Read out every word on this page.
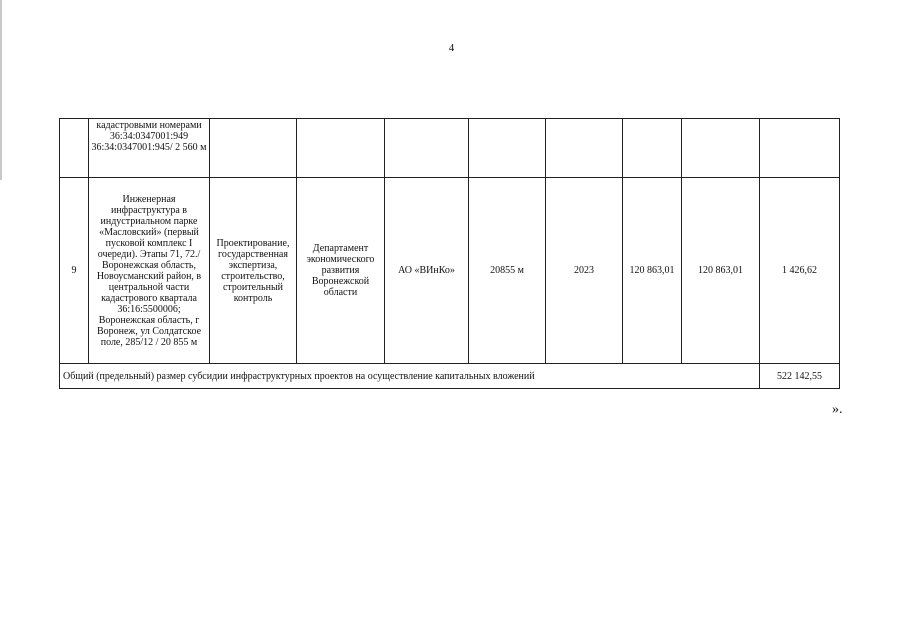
4
	кадастровыми номерами 36:34:0347001:949 36:34:0347001:945/ 2 560 м								
9	Инженерная инфраструктура в индустриальном парке «Масловский» (первый пусковой комплекс I очереди). Этапы 71, 72./Воронежская область, Новоусманский район, в центральной части кадастрового квартала 36:16:5500006; Воронежская область, г Воронеж, ул Солдатское поле, 285/12 / 20 855 м	Проектирование, государственная экспертиза, строительство, строительный контроль	Департамент экономического развития Воронежской области	АО «ВИнКо»	20855 м	2023	120 863,01	120 863,01	1 426,62
Общий (предельный) размер субсидии инфраструктурных проектов на осуществление капитальных вложений									522 142,55
».
